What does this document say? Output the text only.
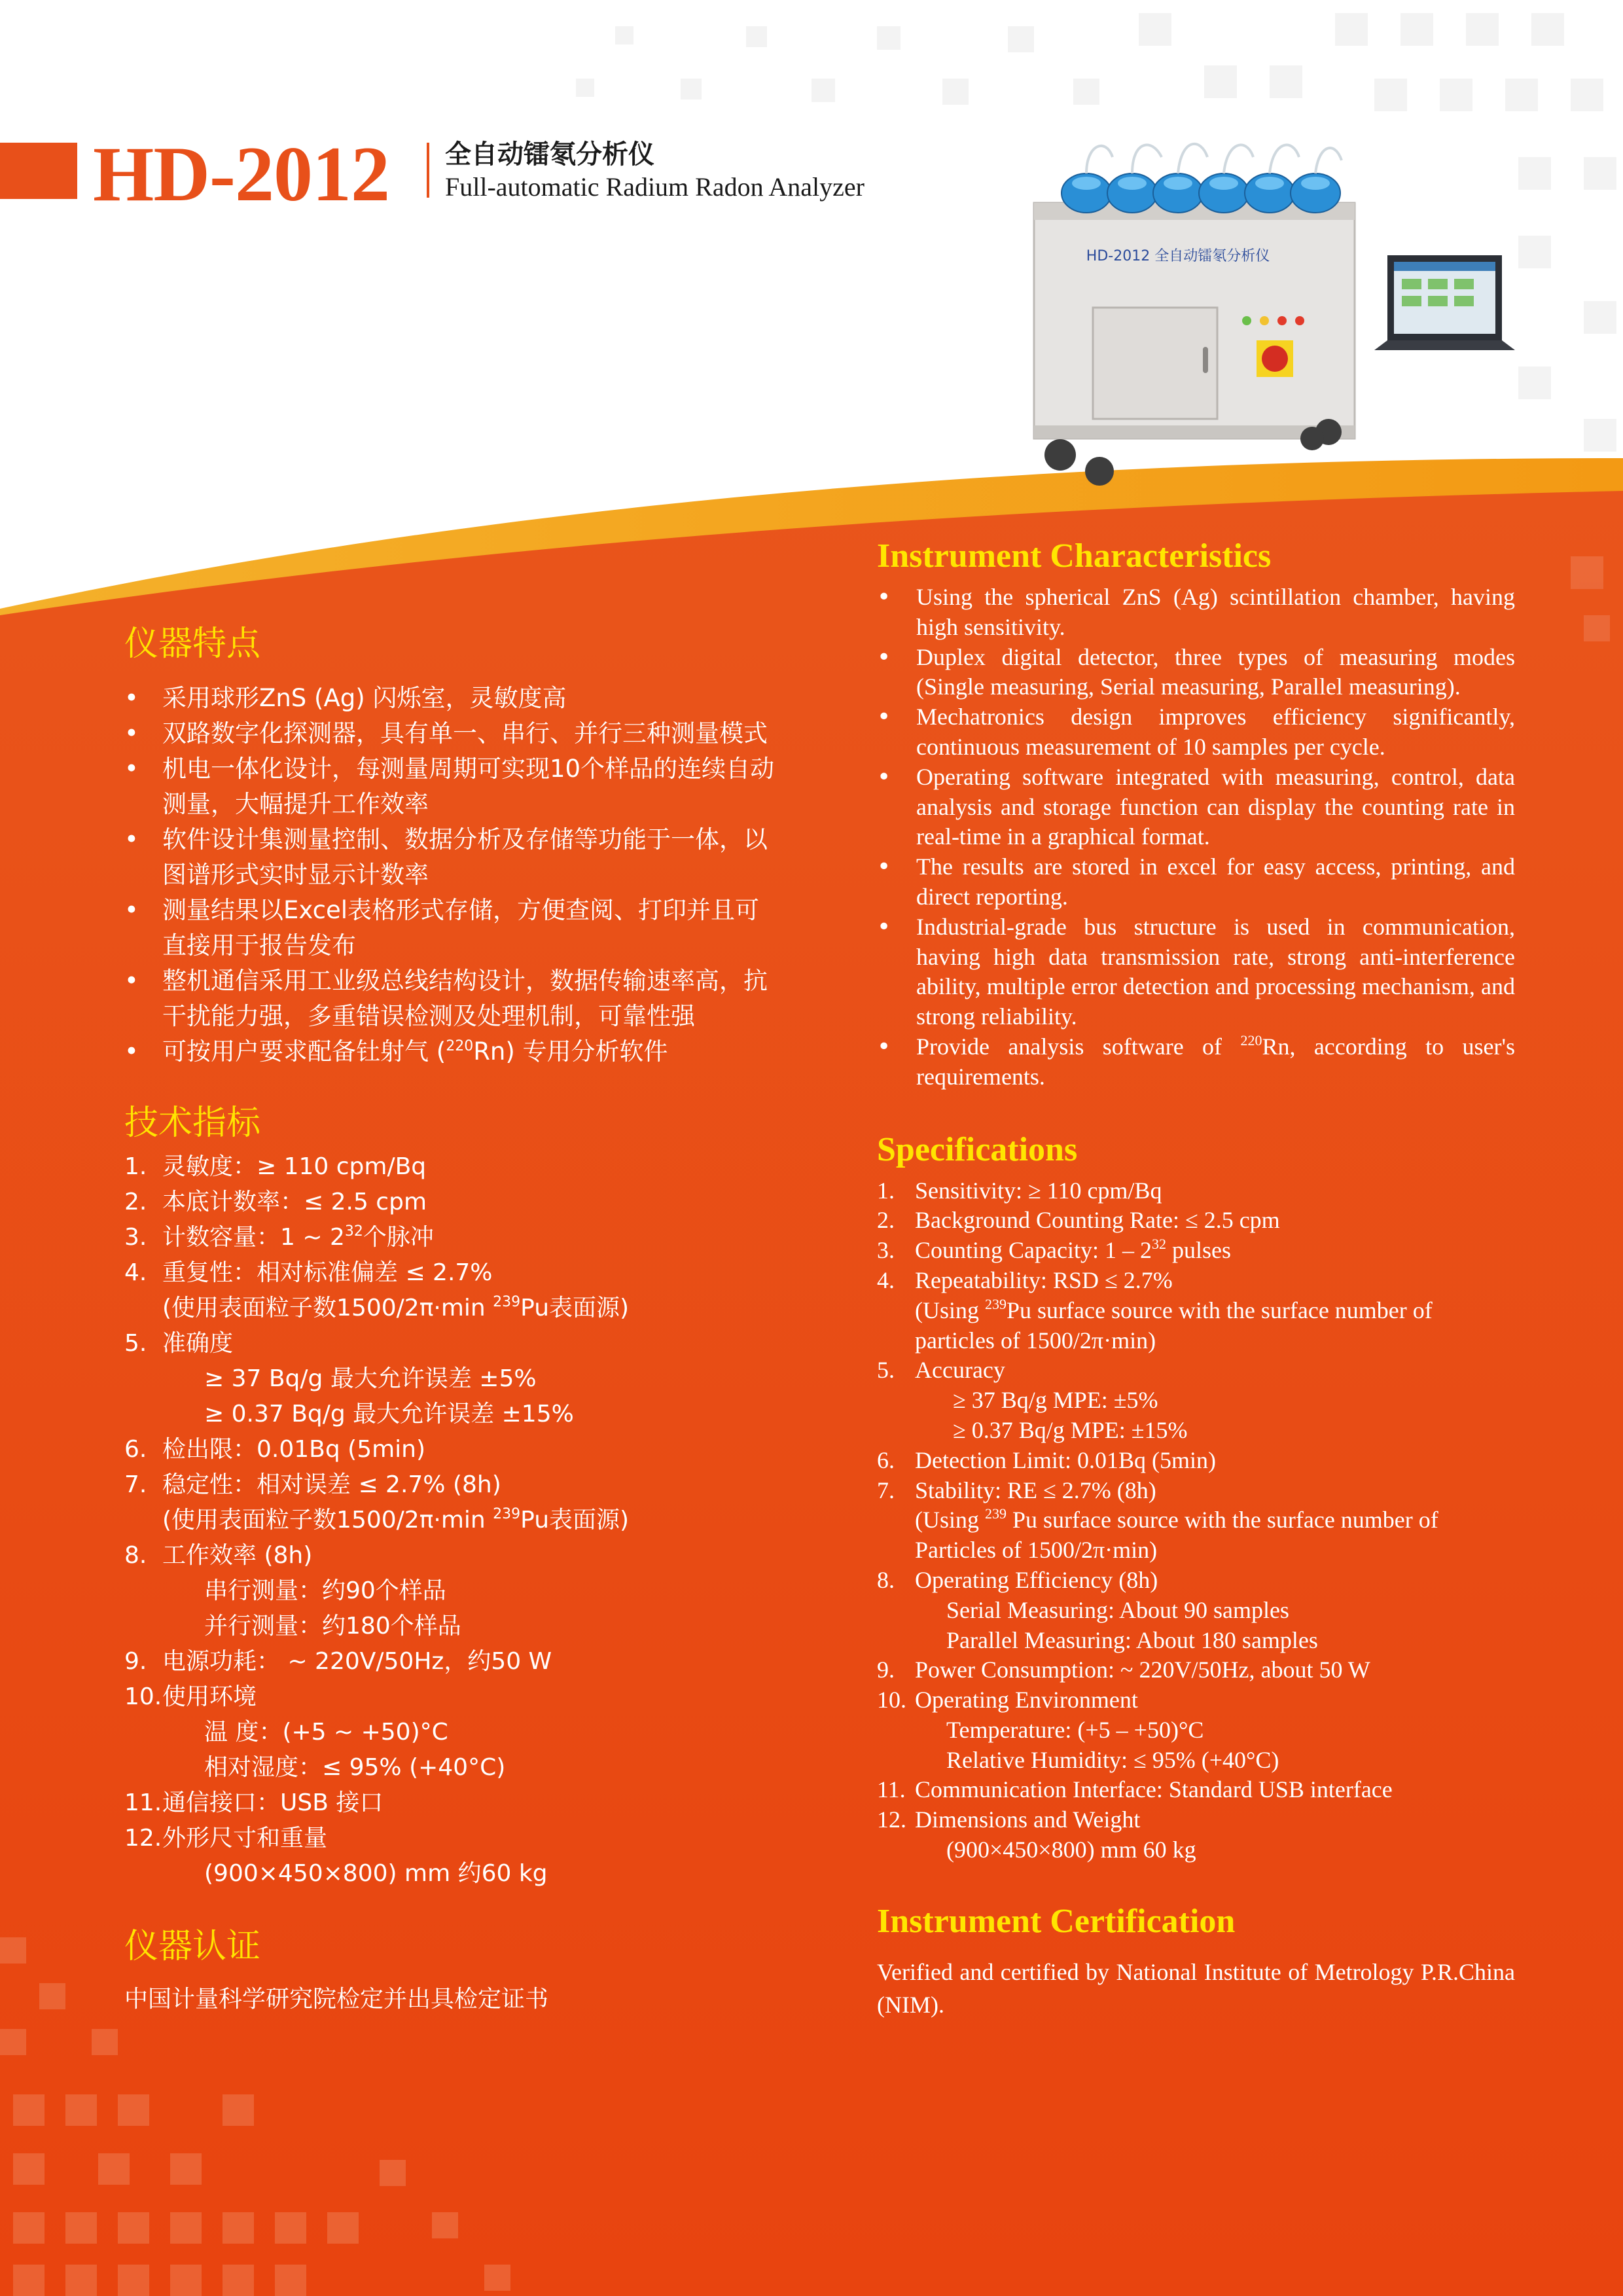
HD-2012 全自动镭氡分析仪
Full-automatic Radium Radon Analyzer
HD-2012 全自动镭氡分析仪
仪器特点
• 采用球形ZnS (Ag) 闪烁室，灵敏度高
• 双路数字化探测器，具有单一、串行、并行三种测量模式
• 机电一体化设计，每测量周期可实现10个样品的连续自动测量，大幅提升工作效率
• 软件设计集测量控制、数据分析及存储等功能于一体，以图谱形式实时显示计数率
• 测量结果以Excel表格形式存储，方便查阅、打印并且可直接用于报告发布
• 整机通信采用工业级总线结构设计，数据传输速率高，抗干扰能力强，多重错误检测及处理机制，可靠性强
• 可按用户要求配备钍射气 ($^{220}$Rn) 专用分析软件
技术指标
1. 灵敏度：≥ 110 cpm/Bq
2. 本底计数率：≤ 2.5 cpm
3. 计数容量：1 ~ $2^{32}$个脉冲
4. 重复性：相对标准偏差 ≤ 2.7%
(使用表面粒子数1500/2π·min $^{239}$Pu表面源)
5. 准确度
≥ 37 Bq/g 最大允许误差 ±5%
≥ 0.37 Bq/g 最大允许误差 ±15%
6. 检出限：0.01Bq (5min)
7. 稳定性：相对误差 ≤ 2.7% (8h)
(使用表面粒子数1500/2π·min $^{239}$Pu表面源)
8. 工作效率 (8h)
串行测量：约90个样品
并行测量：约180个样品
9. 电源功耗： ~ 220V/50Hz，约50 W
10.使用环境
温 度：(+5 ~ +50)°C
相对湿度：≤ 95% (+40°C)
11.通信接口：USB 接口
12.外形尺寸和重量
(900×450×800) mm 约60 kg
仪器认证

中国计量科学研究院检定并出具检定证书

Instrument Characteristics
• Using the spherical ZnS (Ag) scintillation chamber, having high sensitivity.
• Duplex digital detector, three types of measuring modes (Single measuring, Serial measuring, Parallel measuring).
• Mechatronics design improves efficiency significantly, continuous measurement of 10 samples per cycle.
• Operating software integrated with measuring, control, data analysis and storage function can display the counting rate in real-time in a graphical format.
• The results are stored in excel for easy access, printing, and direct reporting.
• Industrial-grade bus structure is used in communication, having high data transmission rate, strong anti-interference ability, multiple error detection and processing mechanism, and strong reliability.
• Provide analysis software of $^{220}$Rn, according to user's requirements.
Specifications
1. Sensitivity: ≥ 110 cpm/Bq
2. Background Counting Rate: ≤ 2.5 cpm
3. Counting Capacity: $1 - 2^{32}$ pulses
4. Repeatability: RSD ≤ 2.7%
(Using $^{239}$Pu surface source with the surface number of
particles of 1500/2π·min)
5. Accuracy
≥ 37 Bq/g MPE: ±5%
≥ 0.37 Bq/g MPE: ±15%
6. Detection Limit: 0.01Bq (5min)
7. Stability: RE ≤ 2.7% (8h)
(Using $^{239}$ Pu surface source with the surface number of
Particles of 1500/2π·min)
8. Operating Efficiency (8h)
Serial Measuring: About 90 samples
Parallel Measuring: About 180 samples
9. Power Consumption: ~ 220V/50Hz, about 50 W
10. Operating Environment
Temperature: (+5 – +50)°C
Relative Humidity: ≤ 95% (+40°C)
11. Communication Interface: Standard USB interface
12. Dimensions and Weight
(900×450×800) mm 60 kg
Instrument Certification

Verified and certified by National Institute of Metrology P.R.China (NIM).
